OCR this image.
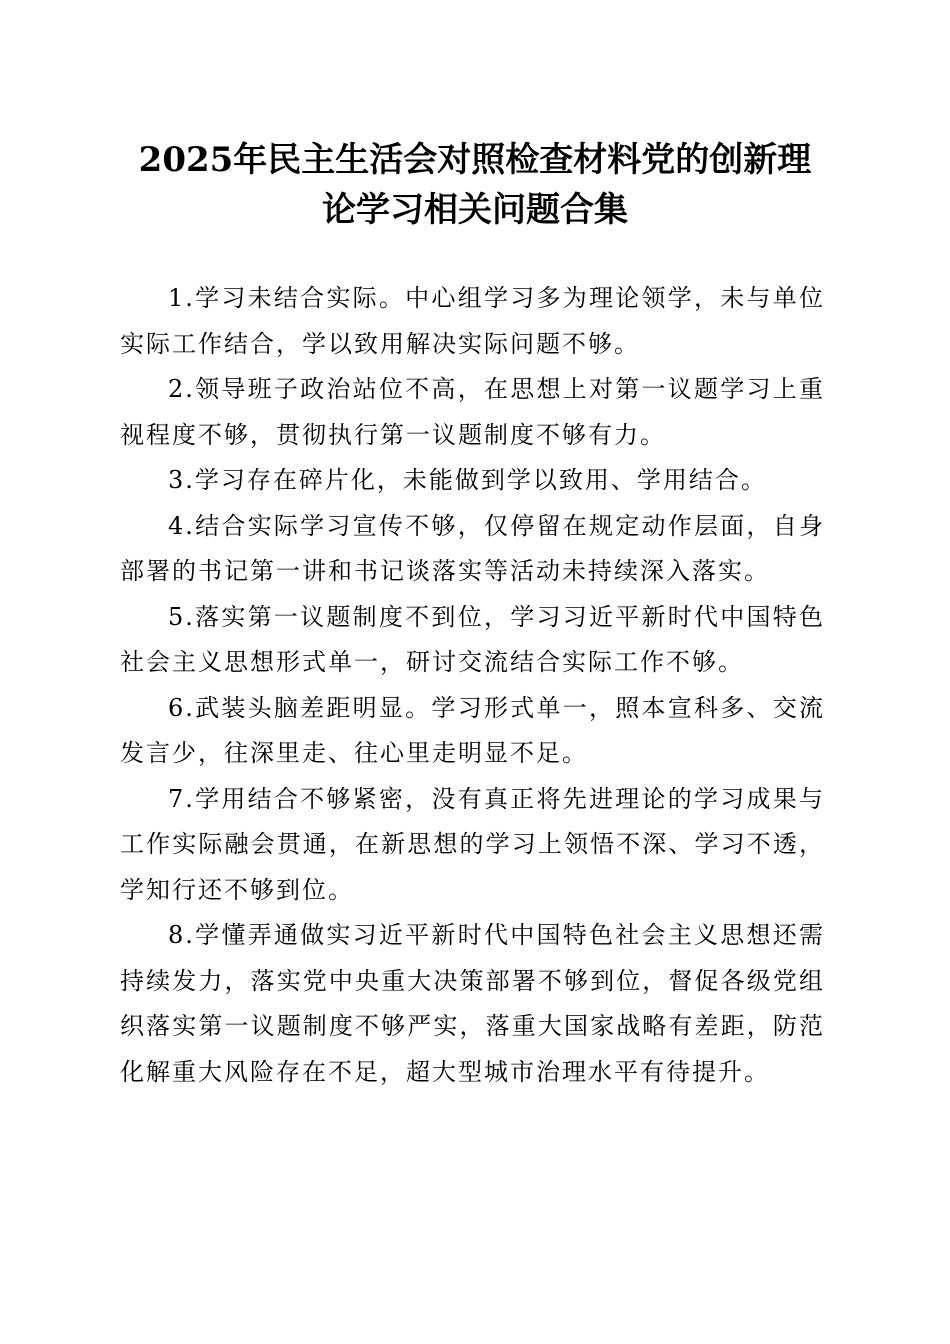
2025年民主生活会对照检查材料党的创新理
论学习相关问题合集

1.学习未结合实际。中心组学习多为理论领学，未与单位实际工作结合，学以致用解决实际问题不够。

2.领导班子政治站位不高，在思想上对第一议题学习上重视程度不够，贯彻执行第一议题制度不够有力。

3.学习存在碎片化，未能做到学以致用、学用结合。

4.结合实际学习宣传不够，仅停留在规定动作层面，自身部署的书记第一讲和书记谈落实等活动未持续深入落实。

5.落实第一议题制度不到位，学习习近平新时代中国特色社会主义思想形式单一，研讨交流结合实际工作不够。

6.武装头脑差距明显。学习形式单一，照本宣科多、交流发言少，往深里走、往心里走明显不足。

7.学用结合不够紧密，没有真正将先进理论的学习成果与工作实际融会贯通，在新思想的学习上领悟不深、学习不透，学知行还不够到位。

8.学懂弄通做实习近平新时代中国特色社会主义思想还需持续发力，落实党中央重大决策部署不够到位，督促各级党组织落实第一议题制度不够严实，落重大国家战略有差距，防范化解重大风险存在不足，超大型城市治理水平有待提升。
